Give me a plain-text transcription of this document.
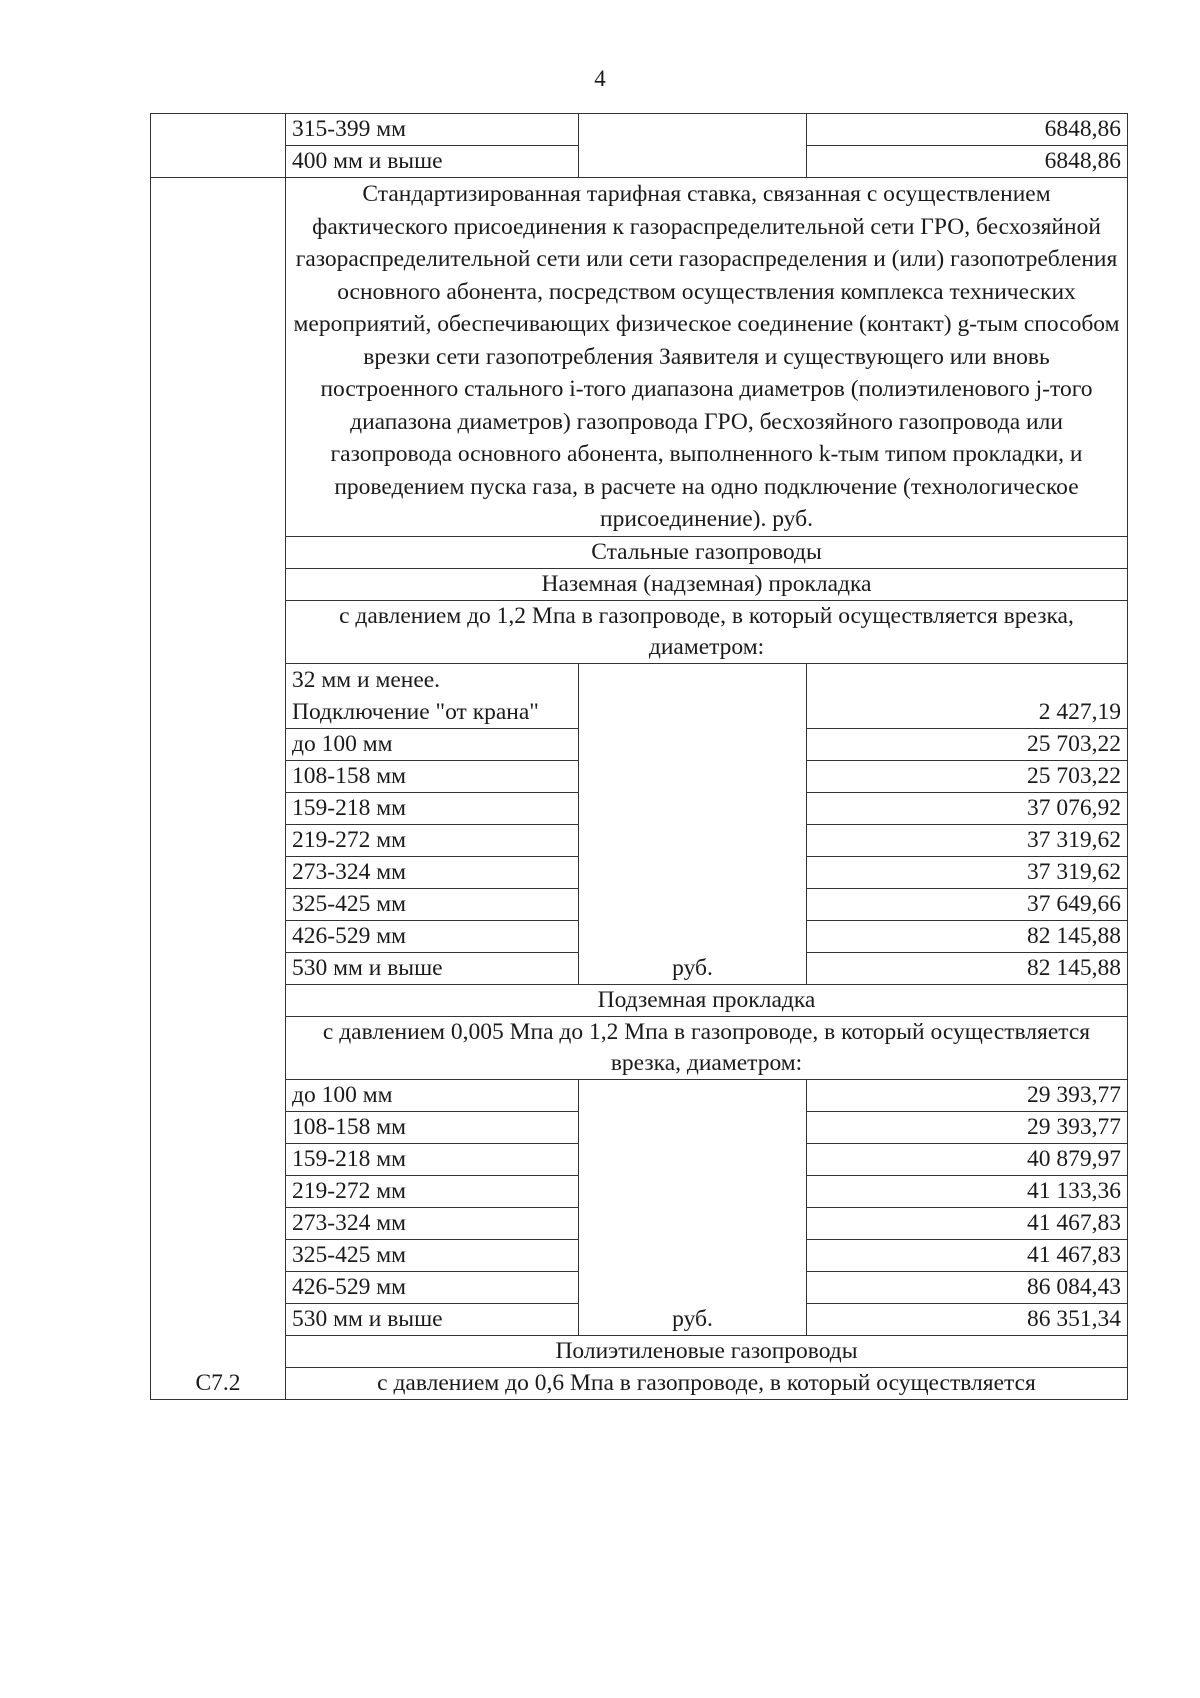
4
	315-399 мм		6848,86
	400 мм и выше		6848,86
С7.2	Стандартизированная тарифная ставка, связанная с осуществлением фактического присоединения к газораспределительной сети ГРО, бесхозяйной газораспределительной сети или сети газораспределения и (или) газопотребления основного абонента, посредством осуществления комплекса технических мероприятий, обеспечивающих физическое соединение (контакт) g-тым способом врезки сети газопотребления Заявителя и существующего или вновь построенного стального i-того диапазона диаметров (полиэтиленового j-того диапазона диаметров) газопровода ГРО, бесхозяйного газопровода или газопровода основного абонента, выполненного k-тым типом прокладки, и проведением пуска газа, в расчете на одно подключение (технологическое присоединение). руб.		
	Стальные газопроводы		
	Наземная (надземная) прокладка		
	с давлением до 1,2 Мпа в газопроводе, в который осуществляется врезка, диаметром:		
	32 мм и менее. Подключение "от крана"	руб.	2 427,19
	до 100 мм		25 703,22
	108-158 мм		25 703,22
	159-218 мм		37 076,92
	219-272 мм		37 319,62
	273-324 мм		37 319,62
	325-425 мм		37 649,66
	426-529 мм		82 145,88
	530 мм и выше		82 145,88
	Подземная прокладка		
	с давлением 0,005 Мпа до 1,2 Мпа в газопроводе, в который осуществляется врезка, диаметром:		
	до 100 мм	руб.	29 393,77
	108-158 мм		29 393,77
	159-218 мм		40 879,97
	219-272 мм		41 133,36
	273-324 мм		41 467,83
	325-425 мм		41 467,83
	426-529 мм		86 084,43
	530 мм и выше		86 351,34
	Полиэтиленовые газопроводы		
	с давлением до 0,6 Мпа в газопроводе, в который осуществляется		
